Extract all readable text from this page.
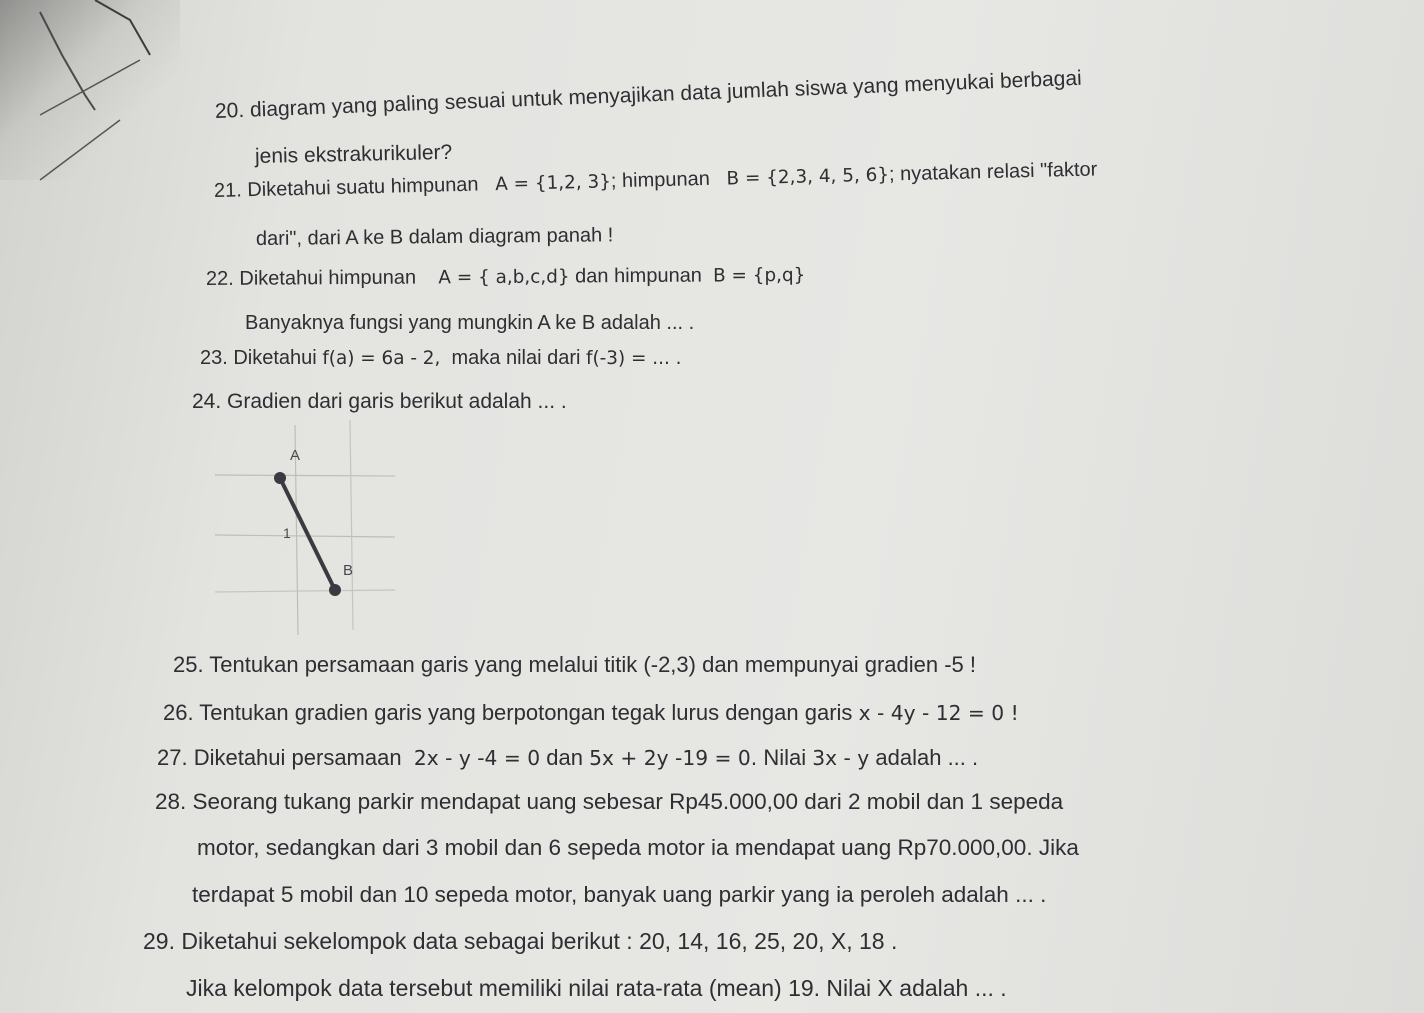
20. diagram yang paling sesuai untuk menyajikan data jumlah siswa yang menyukai berbagai
jenis ekstrakurikuler?
21. Diketahui suatu himpunan A = {1,2, 3}; himpunan B = {2,3, 4, 5, 6}; nyatakan relasi "faktor
dari", dari A ke B dalam diagram panah !
22. Diketahui himpunan A = { a,b,c,d} dan himpunan B = {p,q}
Banyaknya fungsi yang mungkin A ke B adalah ... .
23. Diketahui f(a) = 6a - 2, maka nilai dari f(-3) = ... .
24. Gradien dari garis berikut adalah ... .
A
1
B
25. Tentukan persamaan garis yang melalui titik (-2,3) dan mempunyai gradien -5 !
26. Tentukan gradien garis yang berpotongan tegak lurus dengan garis x - 4y - 12 = 0 !
27. Diketahui persamaan 2x - y -4 = 0 dan 5x + 2y -19 = 0. Nilai 3x - y adalah ... .
28. Seorang tukang parkir mendapat uang sebesar Rp45.000,00 dari 2 mobil dan 1 sepeda
motor, sedangkan dari 3 mobil dan 6 sepeda motor ia mendapat uang Rp70.000,00. Jika
terdapat 5 mobil dan 10 sepeda motor, banyak uang parkir yang ia peroleh adalah ... .
29. Diketahui sekelompok data sebagai berikut : 20, 14, 16, 25, 20, X, 18 .
Jika kelompok data tersebut memiliki nilai rata-rata (mean) 19. Nilai X adalah ... .
